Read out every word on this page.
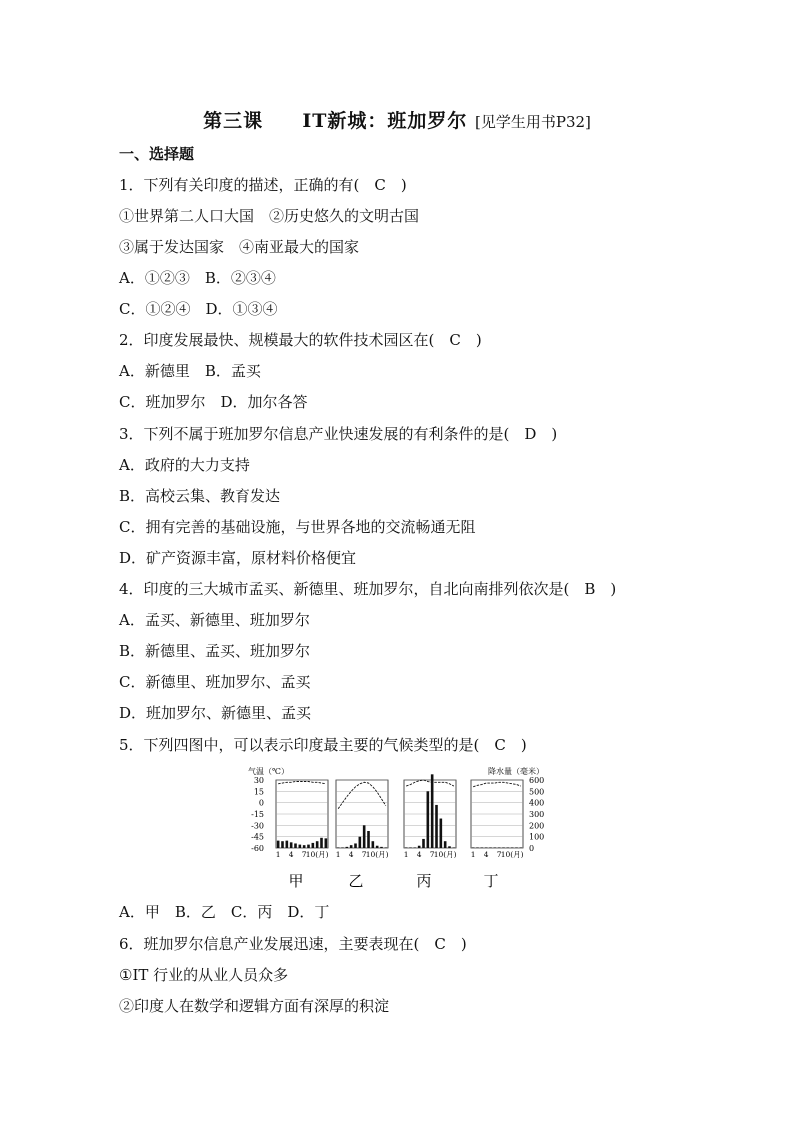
第三课 IT新城：班加罗尔 [见学生用书P32]
一、选择题
1．下列有关印度的描述，正确的有(　C　)
①世界第二人口大国　②历史悠久的文明古国
③属于发达国家　④南亚最大的国家
A．①②③　B．②③④
C．①②④　D．①③④
2．印度发展最快、规模最大的软件技术园区在(　C　)
A．新德里　B．孟买
C．班加罗尔　D．加尔各答
3．下列不属于班加罗尔信息产业快速发展的有利条件的是(　D　)
A．政府的大力支持
B．高校云集、教育发达
C．拥有完善的基础设施，与世界各地的交流畅通无阻
D．矿产资源丰富，原材料价格便宜
4．印度的三大城市孟买、新德里、班加罗尔，自北向南排列依次是(　B　)
A．孟买、新德里、班加罗尔
B．新德里、孟买、班加罗尔
C．新德里、班加罗尔、孟买
D．班加罗尔、新德里、孟买
5．下列四图中，可以表示印度最主要的气候类型的是(　C　)
气温（℃）	降水量（毫米）
30
15
0
-15
-30
-45
-60
600
500
400
300
200
100
0
1 4 7 10(月)
甲
1 4 7 10(月)
乙
1 4 7 10(月)
丙
1 4 7 10(月)
丁
A．甲　B．乙　C．丙　D．丁
6．班加罗尔信息产业发展迅速，主要表现在(　C　)
①IT 行业的从业人员众多
②印度人在数学和逻辑方面有深厚的积淀
